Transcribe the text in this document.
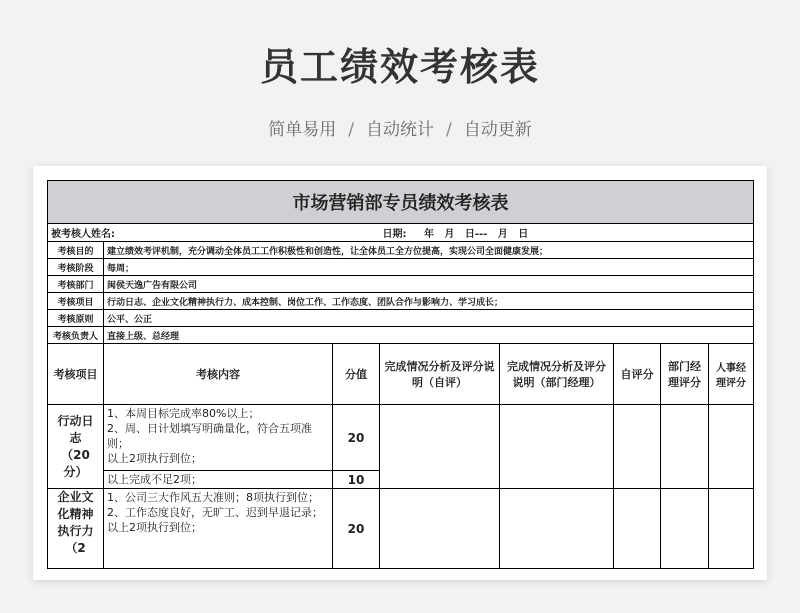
员工绩效考核表
简单易用 / 自动统计 / 自动更新
市场营销部专员绩效考核表							
被考核人姓名:			日期: 年   月   日---   月   日				
考核目的	建立绩效考评机制，充分调动全体员工工作积极性和创造性，让全体员工全方位提高，实现公司全面健康发展；						
考核阶段	每周；						
考核部门	闽侯天逸广告有限公司						
考核项目	行动日志、企业文化精神执行力、成本控制、岗位工作、工作态度、团队合作与影响力、学习成长；						
考核原则	公平、公正						
考核负责人	直接上级、总经理						
考核项目	考核内容	分值	完成情况分析及评分说明（自评）	完成情况分析及评分说明（部门经理）	自评分	部门经理评分	人事经理评分
行动日志（20分）	1、本周目标完成率80%以上；
2、周、日计划填写明确量化，符合五项准则；
以上2项执行到位；	20					
	以上完成不足2项；	10					
企业文化精神执行力（2	1、公司三大作风五大准则；8项执行到位；
2、工作态度良好，无旷工、迟到早退记录；
以上2项执行到位；	20					
